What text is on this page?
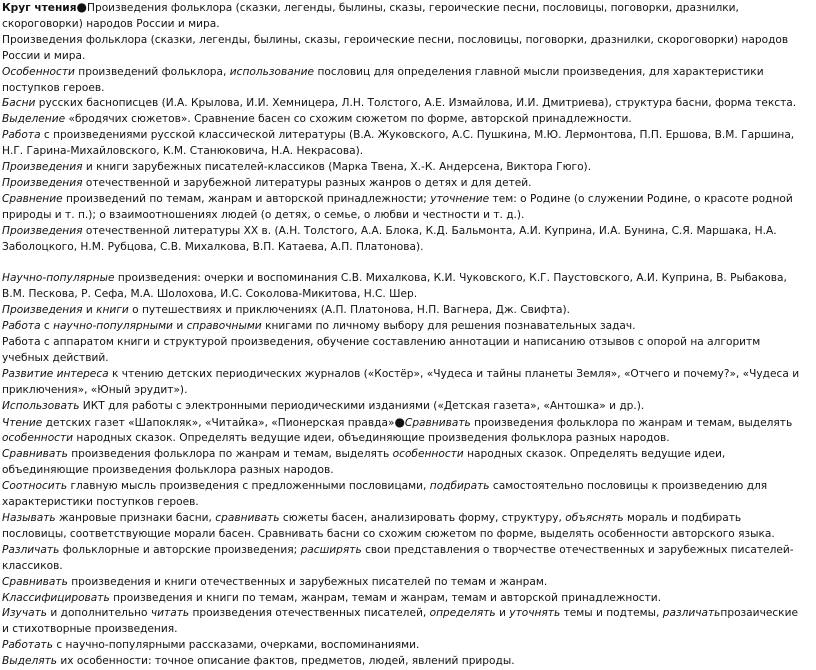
Круг чтения●Произведения фольклора (сказки, легенды, былины, сказы, героические песни, пословицы, поговорки, дразнилки, скороговорки) народов России и мира.

Произведения фольклора (сказки, легенды, былины, сказы, героические песни, пословицы, поговорки, дразнилки, скороговорки) народов России и мира.

Особенности произведений фольклора, использование пословиц для определения главной мысли произведения, для характеристики поступков героев.

Басни русских баснописцев (И.А. Крылова, И.И. Хемницера, Л.Н. Толстого, А.Е. Измайлова, И.И. Дмитриева), структура басни, форма текста.

Выделение «бродячих сюжетов». Сравнение басен со схожим сюжетом по форме, авторской принадлежности.

Работа с произведениями русской классической литературы (В.А. Жуковского, А.С. Пушкина, М.Ю. Лермонтова, П.П. Ершова, В.М. Гаршина, Н.Г. Гарина-Михайловского, К.М. Станюковича, Н.А. Некрасова).

Произведения и книги зарубежных писателей-классиков (Марка Твена, Х.-К. Андерсена, Виктора Гюго).

Произведения отечественной и зарубежной литературы разных жанров о детях и для детей.

Сравнение произведений по темам, жанрам и авторской принадлежности; уточнение тем: о Родине (о служении Родине, о красоте родной природы и т. п.); о взаимоотношениях людей (о детях, о семье, о любви и честности и т. д.).

Произведения отечественной литературы XX в. (А.Н. Толстого, А.А. Блока, К.Д. Бальмонта, А.И. Куприна, И.А. Бунина, С.Я. Маршака, Н.А. Заболоцкого, Н.М. Рубцова, С.В. Михалкова, В.П. Катаева, А.П. Платонова).

Научно-популярные произведения: очерки и воспоминания С.В. Михалкова, К.И. Чуковского, К.Г. Паустовского, А.И. Куприна, В. Рыбакова, В.М. Пескова, Р. Сефа, М.А. Шолохова, И.С. Соколова-Микитова, Н.С. Шер.

Произведения и книги о путешествиях и приключениях (А.П. Платонова, Н.П. Вагнера, Дж. Свифта).

Работа с научно-популярными и справочными книгами по личному выбору для решения познавательных задач.

Работа с аппаратом книги и структурой произведения, обучение составлению аннотации и написанию отзывов с опорой на алгоритм учебных действий.

Развитие интереса к чтению детских периодических журналов («Костёр», «Чудеса и тайны планеты Земля», «Отчего и почему?», «Чудеса и приключения», «Юный эрудит»).

Использовать ИКТ для работы с электронными периодическими изданиями («Детская газета», «Антошка» и др.).

Чтение детских газет «Шапокляк», «Читайка», «Пионерская правда»●Сравнивать произведения фольклора по жанрам и темам, выделять особенности народных сказок. Определять ведущие идеи, объединяющие произведения фольклора разных народов.

Сравнивать произведения фольклора по жанрам и темам, выделять особенности народных сказок. Определять ведущие идеи, объединяющие произведения фольклора разных народов.

Соотносить главную мысль произведения с предложенными пословицами, подбирать самостоятельно пословицы к произведению для характеристики поступков героев.

Называть жанровые признаки басни, сравнивать сюжеты басен, анализировать форму, структуру, объяснять мораль и подбирать пословицы, соответствующие морали басен. Сравнивать басни со схожим сюжетом по форме, выделять особенности авторского языка.

Различать фольклорные и авторские произведения; расширять свои представления о творчестве отечественных и зарубежных писателей-классиков.

Сравнивать произведения и книги отечественных и зарубежных писателей по темам и жанрам.

Классифицировать произведения и книги по темам, жанрам, темам и жанрам, темам и авторской принадлежности.

Изучать и дополнительно читать произведения отечественных писателей, определять и уточнять темы и подтемы, различатьпрозаические и стихотворные произведения.

Работать с научно-популярными рассказами, очерками, воспоминаниями.

Выделять их особенности: точное описание фактов, предметов, людей, явлений природы.
